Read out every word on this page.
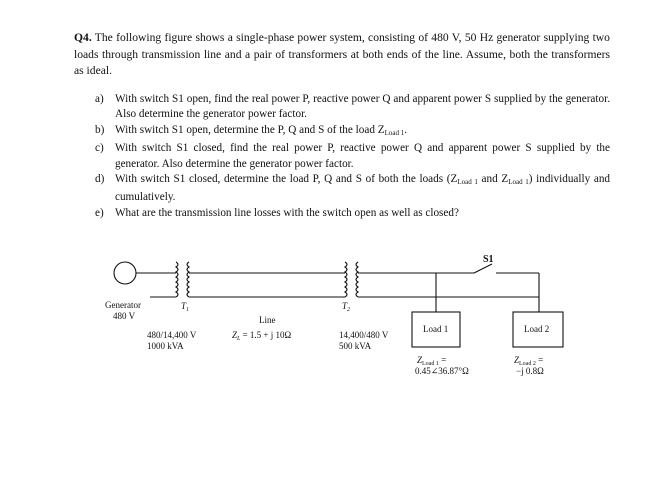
Q4. The following figure shows a single-phase power system, consisting of 480 V, 50 Hz generator supplying two loads through transmission line and a pair of transformers at both ends of the line. Assume, both the transformers as ideal.
a)	With switch S1 open, find the real power P, reactive power Q and apparent power S supplied by the generator. Also determine the generator power factor.
b) With switch S1 open, determine the P, Q and S of the load $Z_{Load 1}$.
c)	With switch S1 closed, find the real power P, reactive power Q and apparent power S supplied by the generator. Also determine the generator power factor.
d) With switch S1 closed, determine the load P, Q and S of both the loads ($Z_{Load 1}$ and $Z_{Load 1}$) individually and cumulatively.
e)	What are the transmission line losses with the switch open as well as closed?
Generator
480 V
$T_1$
480/14,400 V
1000 kVA
Line
$Z_L = 1.5 + j$ 10Ω
$T_2$
14,400/480 V
500 kVA
S1
Load 1
$Z_{Load 1}$ =
0.45∠36.87°Ω
Load 2
$Z_{Load 2}$ =
−j 0.8Ω
